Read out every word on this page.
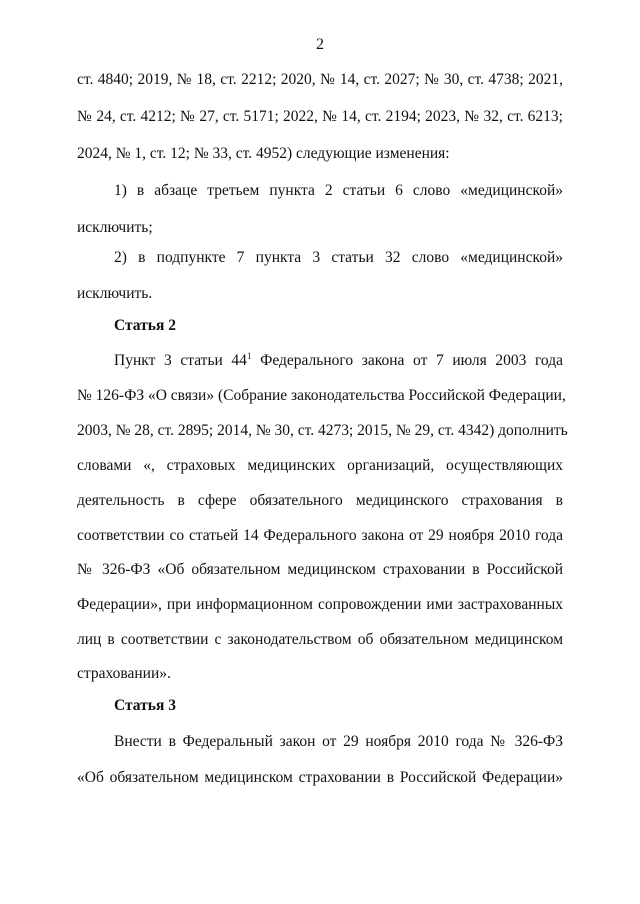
2
ст. 4840; 2019, № 18, ст. 2212; 2020, № 14, ст. 2027; № 30, ст. 4738; 2021,
№ 24, ст. 4212; № 27, ст. 5171; 2022, № 14, ст. 2194; 2023, № 32, ст. 6213;
2024, № 1, ст. 12; № 33, ст. 4952) следующие изменения:
1) в абзаце третьем пункта 2 статьи 6 слово «медицинской»
исключить;
2) в подпункте 7 пункта 3 статьи 32 слово «медицинской»
исключить.
Статья 2
Пункт 3 статьи $44^1$ Федерального закона от 7 июля 2003 года
№ 126-ФЗ «О связи» (Собрание законодательства Российской Федерации,
2003, № 28, ст. 2895; 2014, № 30, ст. 4273; 2015, № 29, ст. 4342) дополнить
словами «, страховых медицинских организаций, осуществляющих
деятельность в сфере обязательного медицинского страхования в
соответствии со статьей 14 Федерального закона от 29 ноября 2010 года
№ 326-ФЗ «Об обязательном медицинском страховании в Российской
Федерации», при информационном сопровождении ими застрахованных
лиц в соответствии с законодательством об обязательном медицинском
страховании».
Статья 3
Внести в Федеральный закон от 29 ноября 2010 года № 326-ФЗ
«Об обязательном медицинском страховании в Российской Федерации»
